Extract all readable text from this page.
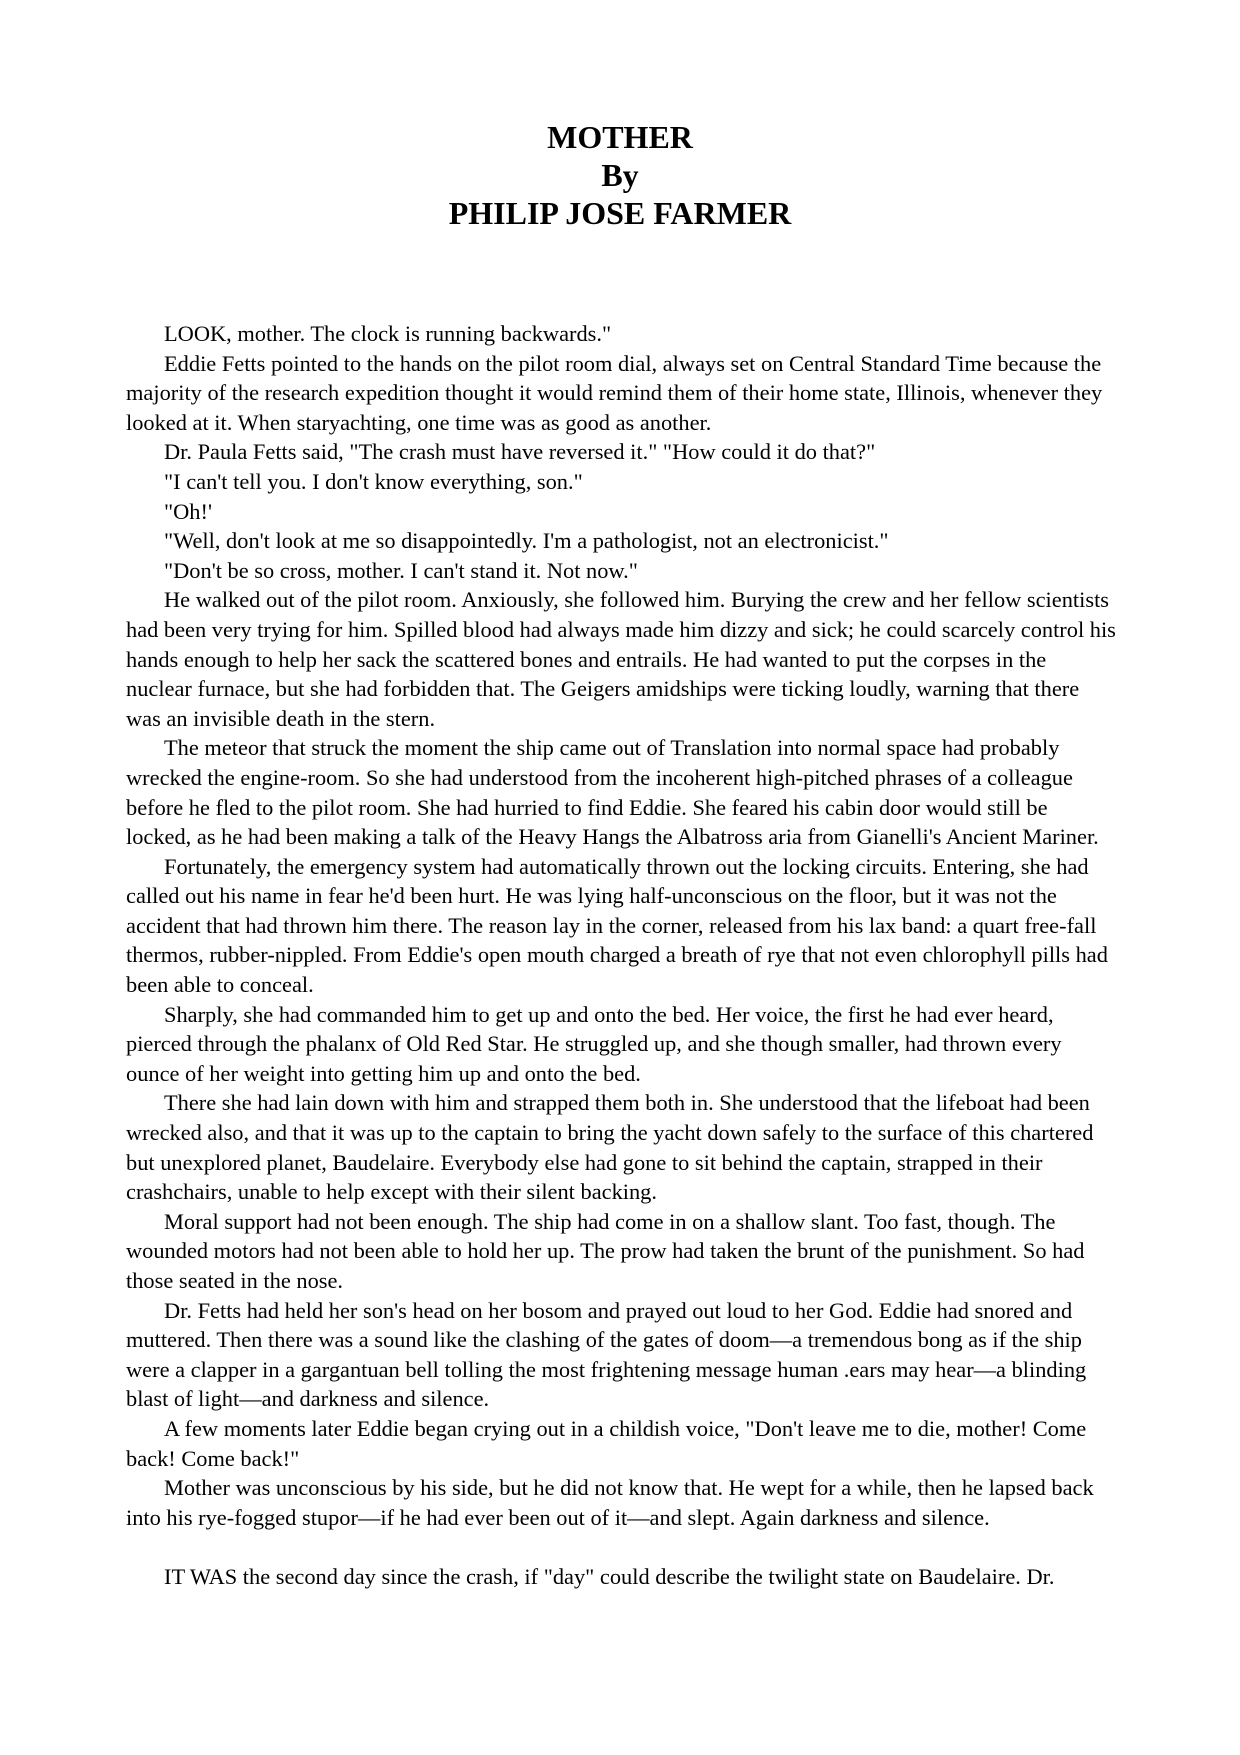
MOTHER
By
PHILIP JOSE FARMER

LOOK, mother. The clock is running backwards."

Eddie Fetts pointed to the hands on the pilot room dial, always set on Central Standard Time because the majority of the research expedition thought it would remind them of their home state, Illinois, whenever they looked at it. When staryachting, one time was as good as another.

Dr. Paula Fetts said, "The crash must have reversed it." "How could it do that?"

"I can't tell you. I don't know everything, son."

"Oh!'

"Well, don't look at me so disappointedly. I'm a pathologist, not an electronicist."

"Don't be so cross, mother. I can't stand it. Not now."

He walked out of the pilot room. Anxiously, she followed him. Burying the crew and her fellow scientists had been very trying for him. Spilled blood had always made him dizzy and sick; he could scarcely control his hands enough to help her sack the scattered bones and entrails. He had wanted to put the corpses in the nuclear furnace, but she had forbidden that. The Geigers amidships were ticking loudly, warning that there was an invisible death in the stern.

The meteor that struck the moment the ship came out of Translation into normal space had probably wrecked the engine-room. So she had understood from the incoherent high-pitched phrases of a colleague before he fled to the pilot room. She had hurried to find Eddie. She feared his cabin door would still be locked, as he had been making a talk of the Heavy Hangs the Albatross aria from Gianelli's Ancient Mariner.

Fortunately, the emergency system had automatically thrown out the locking circuits. Entering, she had called out his name in fear he'd been hurt. He was lying half-unconscious on the floor, but it was not the accident that had thrown him there. The reason lay in the corner, released from his lax band: a quart free-fall thermos, rubber-nippled. From Eddie's open mouth charged a breath of rye that not even chlorophyll pills had been able to conceal.

Sharply, she had commanded him to get up and onto the bed. Her voice, the first he had ever heard, pierced through the phalanx of Old Red Star. He struggled up, and she though smaller, had thrown every ounce of her weight into getting him up and onto the bed.

There she had lain down with him and strapped them both in. She understood that the lifeboat had been wrecked also, and that it was up to the captain to bring the yacht down safely to the surface of this chartered but unexplored planet, Baudelaire. Everybody else had gone to sit behind the captain, strapped in their crashchairs, unable to help except with their silent backing.

Moral support had not been enough. The ship had come in on a shallow slant. Too fast, though. The wounded motors had not been able to hold her up. The prow had taken the brunt of the punishment. So had those seated in the nose.

Dr. Fetts had held her son's head on her bosom and prayed out loud to her God. Eddie had snored and muttered. Then there was a sound like the clashing of the gates of doom—a tremendous bong as if the ship were a clapper in a gargantuan bell tolling the most frightening message human .ears may hear—a blinding blast of light—and darkness and silence.

A few moments later Eddie began crying out in a childish voice, "Don't leave me to die, mother! Come back! Come back!"

Mother was unconscious by his side, but he did not know that. He wept for a while, then he lapsed back into his rye-fogged stupor—if he had ever been out of it—and slept. Again darkness and silence.

IT WAS the second day since the crash, if "day" could describe the twilight state on Baudelaire. Dr.
